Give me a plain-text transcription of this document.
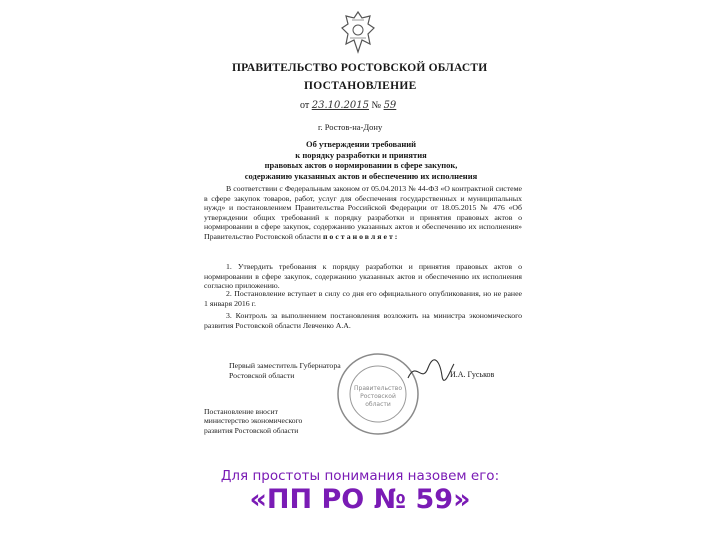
ПРАВИТЕЛЬСТВО РОСТОВСКОЙ ОБЛАСТИ
ПОСТАНОВЛЕНИЕ
от 23.10.2015 № 59
г. Ростов-на-Дону
Об утверждении требований
к порядку разработки и принятия
правовых актов о нормировании в сфере закупок,
содержанию указанных актов и обеспечению их исполнения
В соответствии с Федеральным законом от 05.04.2013 № 44-ФЗ «О контрактной системе в сфере закупок товаров, работ, услуг для обеспечения государственных и муниципальных нужд» и постановлением Правительства Российской Федерации от 18.05.2015 № 476 «Об утверждении общих требований к порядку разработки и принятия правовых актов о нормировании в сфере закупок, содержанию указанных актов и обеспечению их исполнения» Правительство Ростовской области постановляет:
1. Утвердить требования к порядку разработки и принятия правовых актов о нормировании в сфере закупок, содержанию указанных актов и обеспечению их исполнения согласно приложению.
2. Постановление вступает в силу со дня его официального опубликования, но не ранее 1 января 2016 г.
3. Контроль за выполнением постановления возложить на министра экономического развития Ростовской области Левченко А.А.
Первый заместитель Губернатора Ростовской области
Правительство
Ростовской
области
И.А. Гуськов
Постановление вносит министерство экономического развития Ростовской области
Для простоты понимания назовем его:
«ПП РО № 59»
